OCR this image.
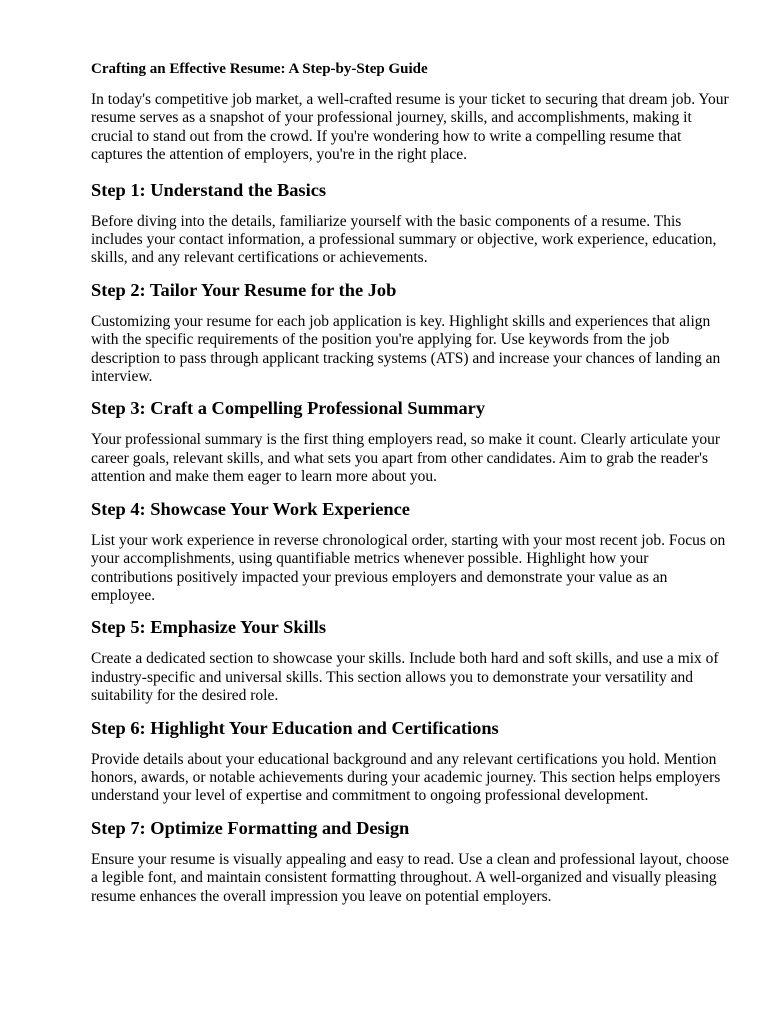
Crafting an Effective Resume: A Step-by-Step Guide

In today's competitive job market, a well-crafted resume is your ticket to securing that dream job. Your resume serves as a snapshot of your professional journey, skills, and accomplishments, making it crucial to stand out from the crowd. If you're wondering how to write a compelling resume that captures the attention of employers, you're in the right place.

Step 1: Understand the Basics

Before diving into the details, familiarize yourself with the basic components of a resume. This includes your contact information, a professional summary or objective, work experience, education, skills, and any relevant certifications or achievements.

Step 2: Tailor Your Resume for the Job

Customizing your resume for each job application is key. Highlight skills and experiences that align with the specific requirements of the position you're applying for. Use keywords from the job description to pass through applicant tracking systems (ATS) and increase your chances of landing an interview.

Step 3: Craft a Compelling Professional Summary

Your professional summary is the first thing employers read, so make it count. Clearly articulate your career goals, relevant skills, and what sets you apart from other candidates. Aim to grab the reader's attention and make them eager to learn more about you.

Step 4: Showcase Your Work Experience

List your work experience in reverse chronological order, starting with your most recent job. Focus on your accomplishments, using quantifiable metrics whenever possible. Highlight how your contributions positively impacted your previous employers and demonstrate your value as an employee.

Step 5: Emphasize Your Skills

Create a dedicated section to showcase your skills. Include both hard and soft skills, and use a mix of industry-specific and universal skills. This section allows you to demonstrate your versatility and suitability for the desired role.

Step 6: Highlight Your Education and Certifications

Provide details about your educational background and any relevant certifications you hold. Mention honors, awards, or notable achievements during your academic journey. This section helps employers understand your level of expertise and commitment to ongoing professional development.

Step 7: Optimize Formatting and Design

Ensure your resume is visually appealing and easy to read. Use a clean and professional layout, choose a legible font, and maintain consistent formatting throughout. A well-organized and visually pleasing resume enhances the overall impression you leave on potential employers.
